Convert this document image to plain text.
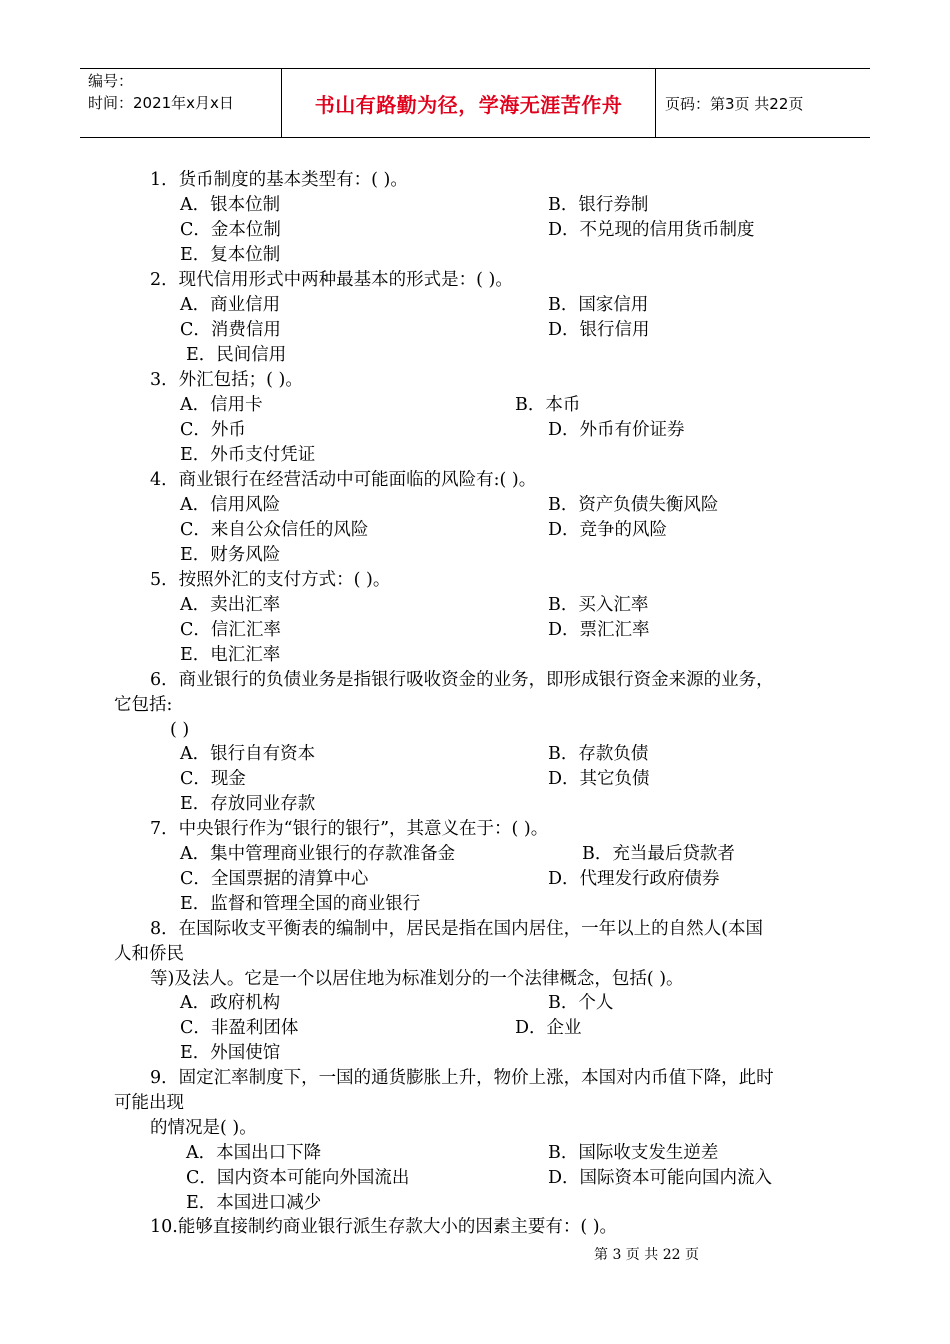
编号：
时间：2021年x月x日	书山有路勤为径，学海无涯苦作舟	页码：第3页 共22页
1．货币制度的基本类型有：( )。
A．银本位制	B．银行券制
C．金本位制	D．不兑现的信用货币制度
E．复本位制
2．现代信用形式中两种最基本的形式是：( )。
A．商业信用	B．国家信用
C．消费信用	D．银行信用
E．民间信用
3．外汇包括；( )。
A．信用卡	B．本币
C．外币	D．外币有价证券
E．外币支付凭证
4．商业银行在经营活动中可能面临的风险有:( )。
A．信用风险	B．资产负债失衡风险
C．来自公众信任的风险	D．竞争的风险
E．财务风险
5．按照外汇的支付方式：( )。
A．卖出汇率	B．买入汇率
C．信汇汇率	D．票汇汇率
E．电汇汇率
6．商业银行的负债业务是指银行吸收资金的业务，即形成银行资金来源的业务，
它包括:
( )
A．银行自有资本	B．存款负债
C．现金	D．其它负债
E．存放同业存款
7．中央银行作为“银行的银行”，其意义在于：( )。
A．集中管理商业银行的存款准备金	B．充当最后贷款者
C．全国票据的清算中心	D．代理发行政府债券
E．监督和管理全国的商业银行
8．在国际收支平衡表的编制中，居民是指在国内居住，一年以上的自然人(本国
人和侨民
等)及法人。它是一个以居住地为标准划分的一个法律概念，包括( )。
A．政府机构	B．个人
C．非盈利团体	D．企业
E．外国使馆
9．固定汇率制度下，一国的通货膨胀上升，物价上涨，本国对内币值下降，此时
可能出现
的情况是( )。
A．本国出口下降	B．国际收支发生逆差
C．国内资本可能向外国流出	D．国际资本可能向国内流入
E．本国进口减少
10.能够直接制约商业银行派生存款大小的因素主要有：( )。
第 3 页 共 22 页
